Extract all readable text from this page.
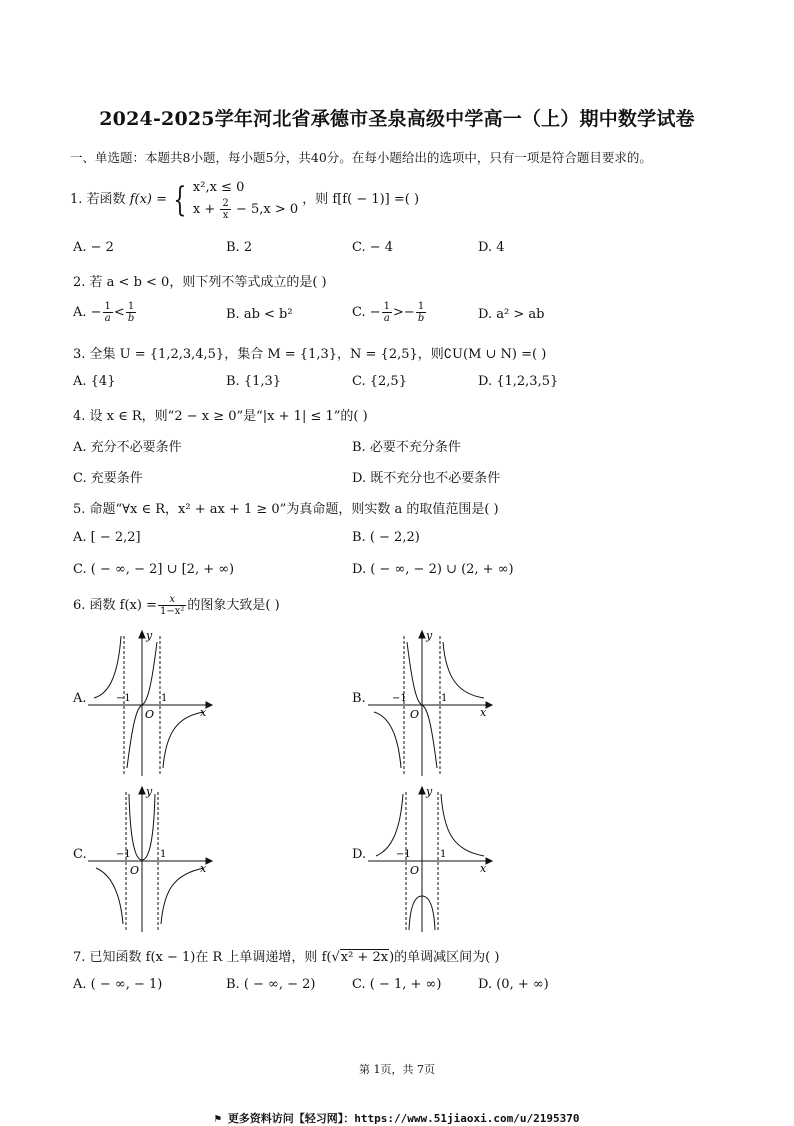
2024-2025学年河北省承德市圣泉高级中学高一（上）期中数学试卷
一、单选题：本题共8小题，每小题5分，共40分。在每小题给出的选项中，只有一项是符合题目要求的。
1. 若函数 f(x) = { x²,x ≤ 0
$x + \frac{2}{x} - 5,x > 0$
，则 f[f( − 1)] =( )
A. − 2	B. 2	C. − 4	D. 4
2. 若 a < b < 0，则下列不等式成立的是( )
A. − $\frac{1}{a} < \frac{1}{b}$	B. ab < b²	C. − $\frac{1}{a} >- \frac{1}{b}$	D. a² > ab
3. 全集 U = {1,2,3,4,5}，集合 M = {1,3}，N = {2,5}，则∁U(M ∪ N) =( )
A. {4}	B. {1,3}	C. {2,5}	D. {1,2,3,5}
4. 设 x ∈ R，则“2 − x ≥ 0”是“|x + 1| ≤ 1”的( )
A. 充分不必要条件	B. 必要不充分条件
C. 充要条件	D. 既不充分也不必要条件
5. 命题“∀x ∈ R，x² + ax + 1 ≥ 0”为真命题，则实数 a 的取值范围是( )
A. [ − 2,2]	B. ( − 2,2)
C. ( − ∞, − 2] ∪ [2, + ∞)	D. ( − ∞, − 2) ∪ (2, + ∞)
6. 函数 $f(x) = \frac{x}{\text{1−x²}}$ 的图象大致是( )
A.	B.
C.	D.
y
x
O
−1	1
y
x
O
−1	1
y
x
O
−1	1
y
x
O
−1	1
7. 已知函数 f(x − 1)在 R 上单调递增，则 f(√x² + 2x)的单调减区间为( )
A. ( − ∞, − 1)	B. ( − ∞, − 2)	C. ( − 1, + ∞)	D. (0, + ∞)
第 1页，共 7页
⚑ 更多资料访问【轻习网】：https://www.51jiaoxi.com/u/2195370
